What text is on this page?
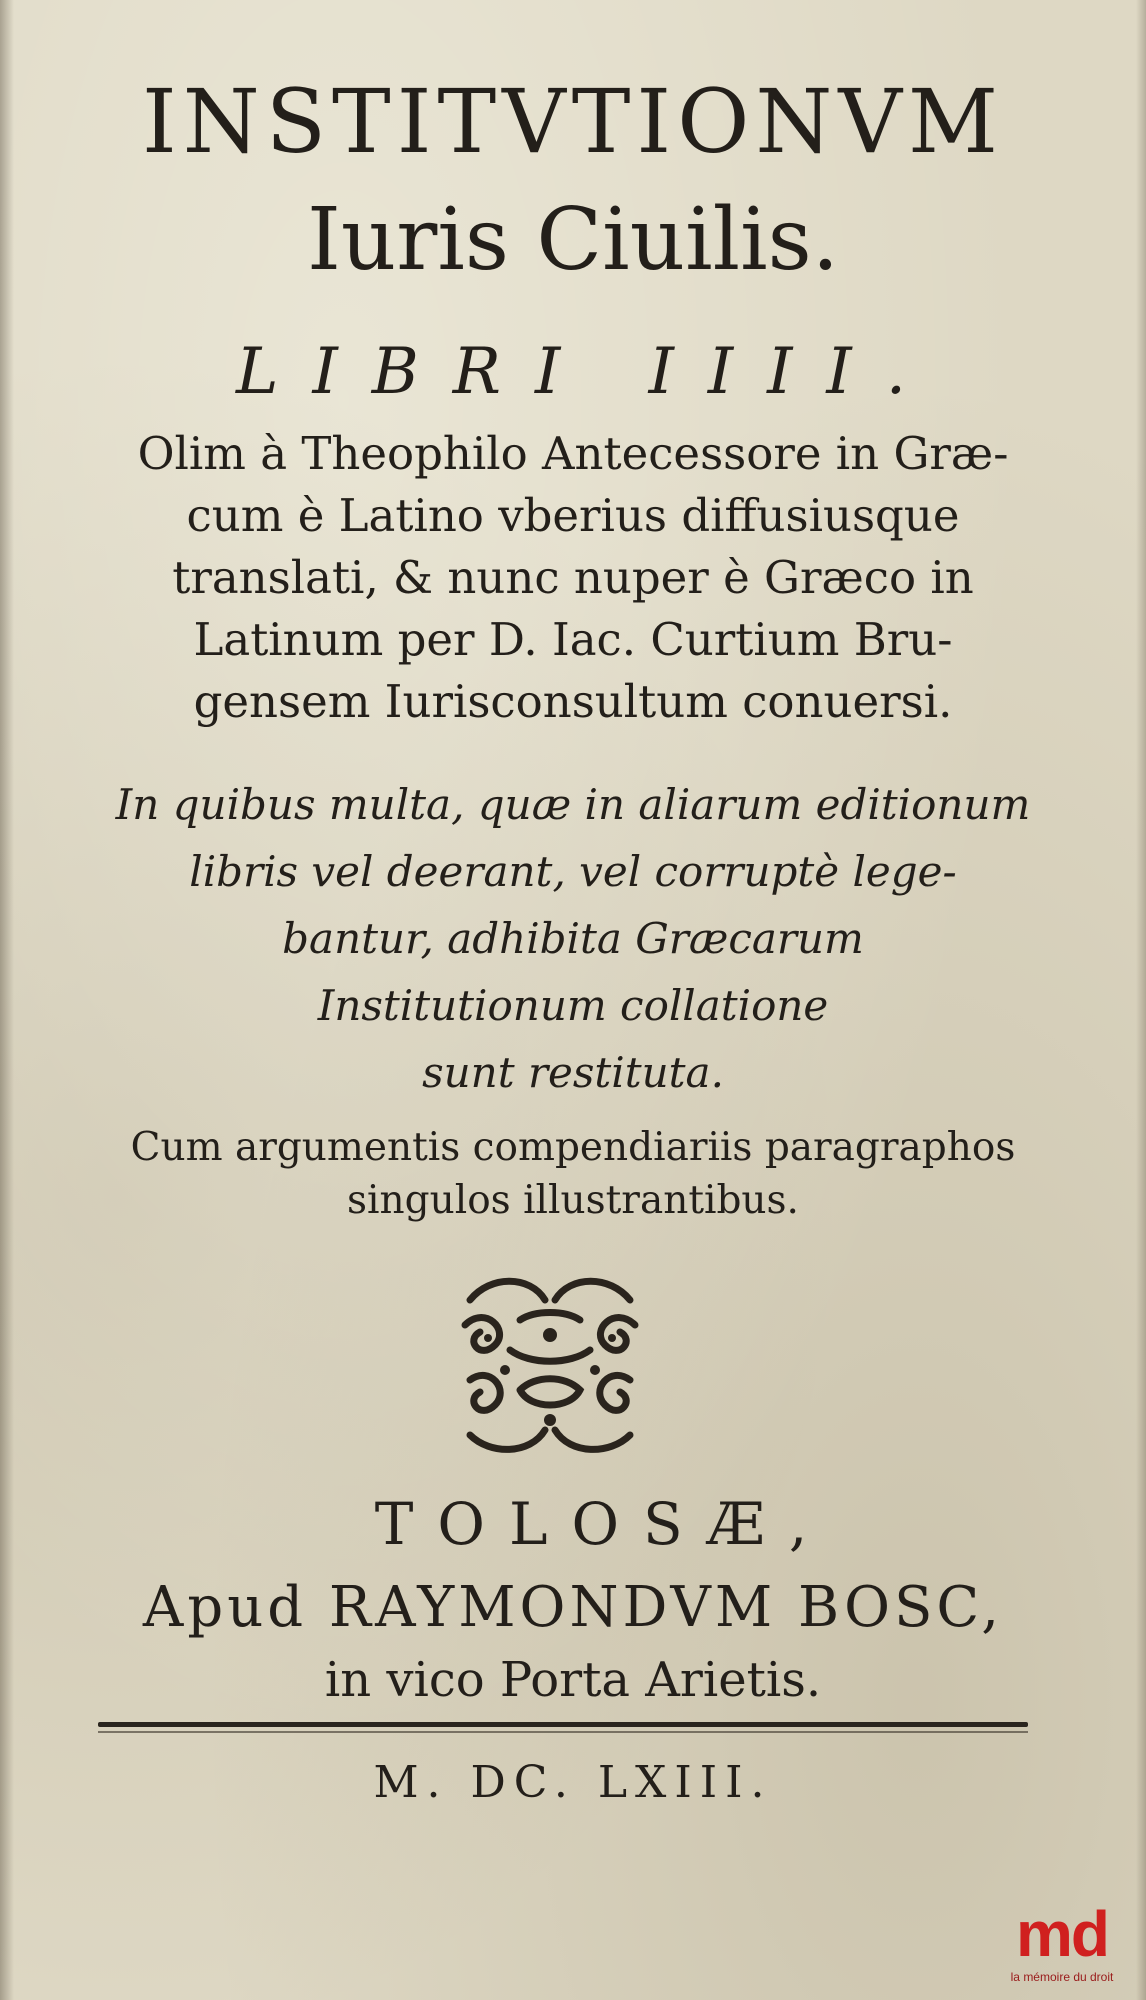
INSTITVTIONVM
Iuris Ciuilis.
LIBRI IIII.
Olim à Theophilo Antecessore in Græ-
cum è Latino vberius diffusiusque
translati, & nunc nuper è Græco in
Latinum per D. Iac. Curtium Bru-
gensem Iurisconsultum conuersi.
In quibus multa, quæ in aliarum editionum
libris vel deerant, vel corruptè lege-
bantur, adhibita Græcarum
Institutionum collatione
sunt restituta.
Cum argumentis compendiariis paragraphos
singulos illustrantibus.
TOLOSÆ,
Apud RAYMONDVM BOSC,
in vico Porta Arietis.
M. DC. LXIII.
md
la mémoire du droit
